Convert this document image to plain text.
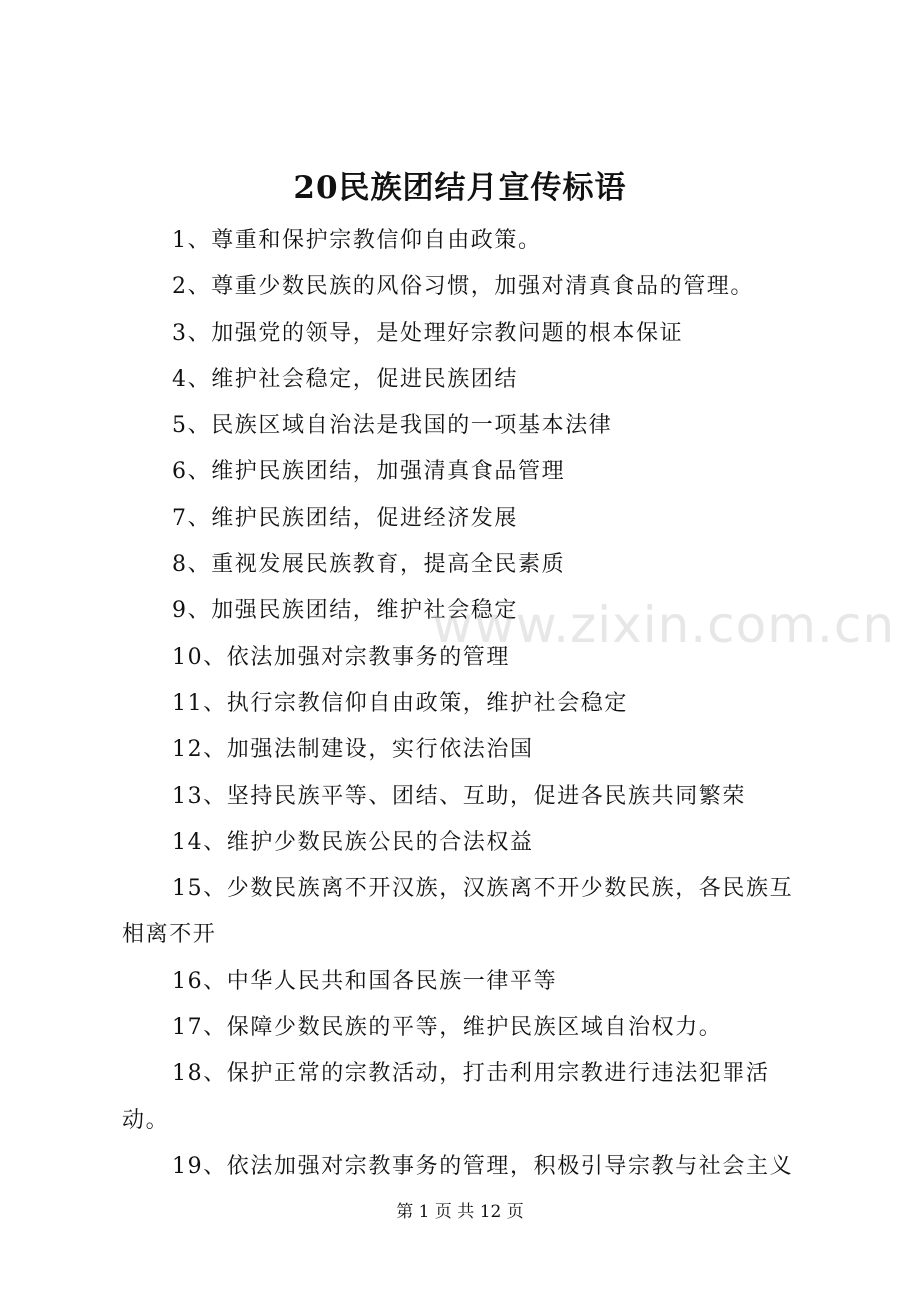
20民族团结月宣传标语

1、尊重和保护宗教信仰自由政策。

2、尊重少数民族的风俗习惯，加强对清真食品的管理。

3、加强党的领导，是处理好宗教问题的根本保证

4、维护社会稳定，促进民族团结

5、民族区域自治法是我国的一项基本法律

6、维护民族团结，加强清真食品管理

7、维护民族团结，促进经济发展

8、重视发展民族教育，提高全民素质

9、加强民族团结，维护社会稳定

10、依法加强对宗教事务的管理

11、执行宗教信仰自由政策，维护社会稳定

12、加强法制建设，实行依法治国

13、坚持民族平等、团结、互助，促进各民族共同繁荣

14、维护少数民族公民的合法权益

15、少数民族离不开汉族，汉族离不开少数民族，各民族互相离不开

16、中华人民共和国各民族一律平等

17、保障少数民族的平等，维护民族区域自治权力。

18、保护正常的宗教活动，打击利用宗教进行违法犯罪活动。

19、依法加强对宗教事务的管理，积极引导宗教与社会主义

www.zixin.com.cn
第 1 页 共 12 页
